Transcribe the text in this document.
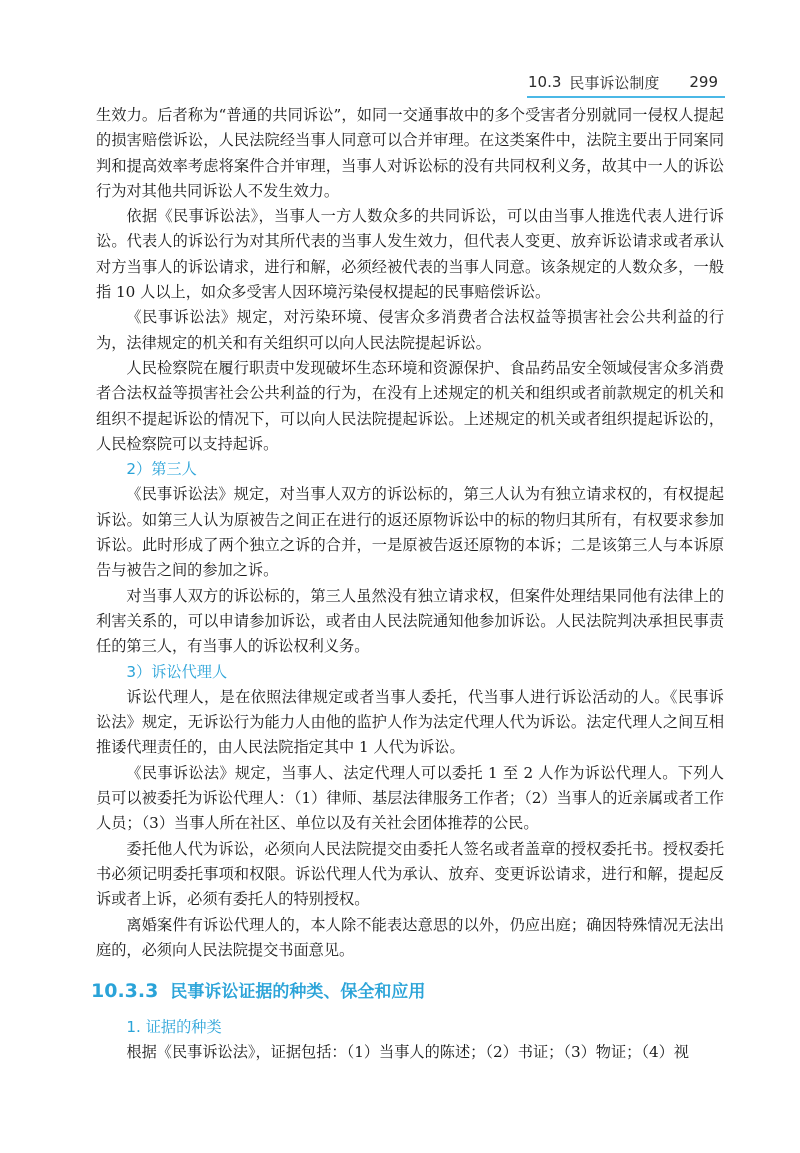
10.3 民事诉讼制度 299

生效力。后者称为“普通的共同诉讼”，如同一交通事故中的多个受害者分别就同一侵权人提起的损害赔偿诉讼，人民法院经当事人同意可以合并审理。在这类案件中，法院主要出于同案同判和提高效率考虑将案件合并审理，当事人对诉讼标的没有共同权利义务，故其中一人的诉讼行为对其他共同诉讼人不发生效力。

依据《民事诉讼法》，当事人一方人数众多的共同诉讼，可以由当事人推选代表人进行诉讼。代表人的诉讼行为对其所代表的当事人发生效力，但代表人变更、放弃诉讼请求或者承认对方当事人的诉讼请求，进行和解，必须经被代表的当事人同意。该条规定的人数众多，一般指 10 人以上，如众多受害人因环境污染侵权提起的民事赔偿诉讼。

《民事诉讼法》规定，对污染环境、侵害众多消费者合法权益等损害社会公共利益的行为，法律规定的机关和有关组织可以向人民法院提起诉讼。

人民检察院在履行职责中发现破坏生态环境和资源保护、食品药品安全领域侵害众多消费者合法权益等损害社会公共利益的行为，在没有上述规定的机关和组织或者前款规定的机关和组织不提起诉讼的情况下，可以向人民法院提起诉讼。上述规定的机关或者组织提起诉讼的，人民检察院可以支持起诉。

2）第三人

《民事诉讼法》规定，对当事人双方的诉讼标的，第三人认为有独立请求权的，有权提起诉讼。如第三人认为原被告之间正在进行的返还原物诉讼中的标的物归其所有，有权要求参加诉讼。此时形成了两个独立之诉的合并，一是原被告返还原物的本诉；二是该第三人与本诉原告与被告之间的参加之诉。

对当事人双方的诉讼标的，第三人虽然没有独立请求权，但案件处理结果同他有法律上的利害关系的，可以申请参加诉讼，或者由人民法院通知他参加诉讼。人民法院判决承担民事责任的第三人，有当事人的诉讼权利义务。

3）诉讼代理人

诉讼代理人，是在依照法律规定或者当事人委托，代当事人进行诉讼活动的人。《民事诉讼法》规定，无诉讼行为能力人由他的监护人作为法定代理人代为诉讼。法定代理人之间互相推诿代理责任的，由人民法院指定其中 1 人代为诉讼。

《民事诉讼法》规定，当事人、法定代理人可以委托 1 至 2 人作为诉讼代理人。下列人员可以被委托为诉讼代理人：（1）律师、基层法律服务工作者；（2）当事人的近亲属或者工作人员；（3）当事人所在社区、单位以及有关社会团体推荐的公民。

委托他人代为诉讼，必须向人民法院提交由委托人签名或者盖章的授权委托书。授权委托书必须记明委托事项和权限。诉讼代理人代为承认、放弃、变更诉讼请求，进行和解，提起反诉或者上诉，必须有委托人的特别授权。

离婚案件有诉讼代理人的，本人除不能表达意思的以外，仍应出庭；确因特殊情况无法出庭的，必须向人民法院提交书面意见。

10.3.3 民事诉讼证据的种类、保全和应用

1. 证据的种类

根据《民事诉讼法》，证据包括：（1）当事人的陈述；（2）书证；（3）物证；（4）视
